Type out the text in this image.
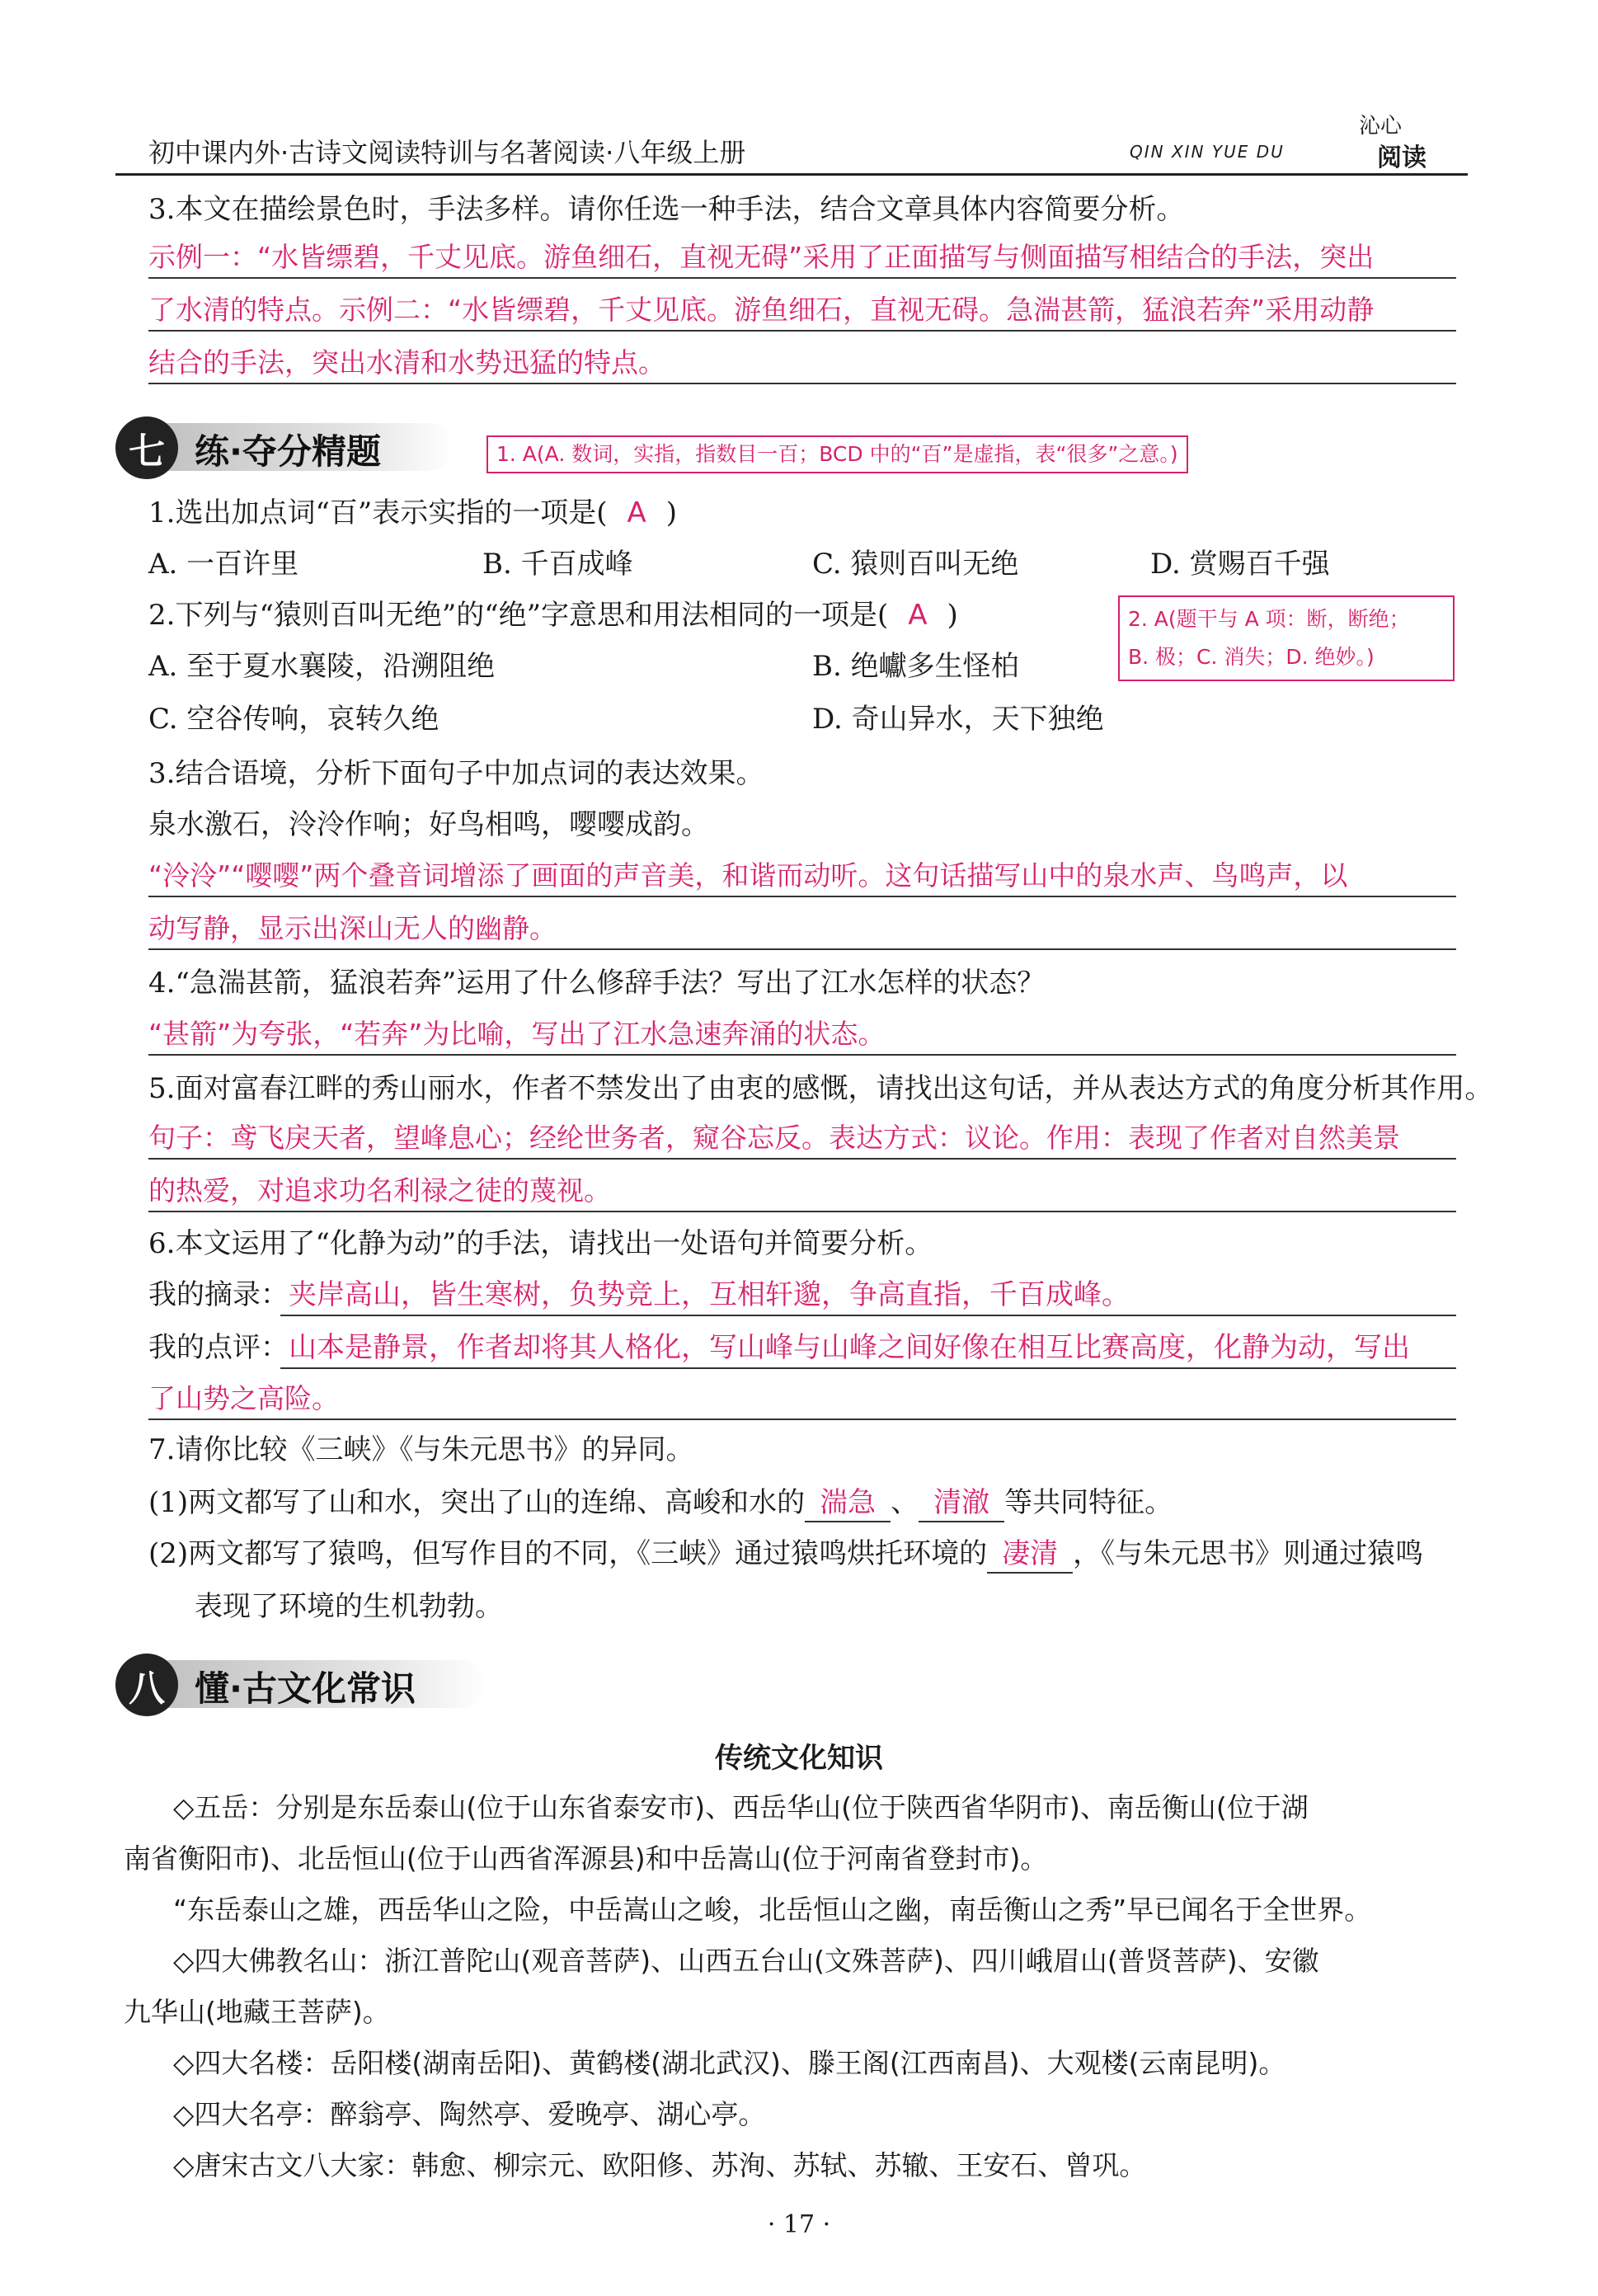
初中课内外·古诗文阅读特训与名著阅读·八年级上册	QIN XIN YUE DU
沁心
阅读
3.本文在描绘景色时，手法多样。请你任选一种手法，结合文章具体内容简要分析。
示例一：“水皆缥碧，千丈见底。游鱼细石，直视无碍”采用了正面描写与侧面描写相结合的手法，突出
了水清的特点。示例二：“水皆缥碧，千丈见底。游鱼细石，直视无碍。急湍甚箭，猛浪若奔”采用动静
结合的手法，突出水清和水势迅猛的特点。
七 练·夺分精题	1. A(A. 数词，实指，指数目一百；BCD 中的“百”是虚指，表“很多”之意。)
1.选出加点词“百”表示实指的一项是( A )
A. 一百许里	B. 千百成峰	C. 猿则百叫无绝	D. 赏赐百千强
2.下列与“猿则百叫无绝”的“绝”字意思和用法相同的一项是( A )	2. A(题干与 A 项：断，断绝；
B. 极；C. 消失；D. 绝妙。)
A. 至于夏水襄陵，沿溯阻绝	B. 绝巘多生怪柏
C. 空谷传响，哀转久绝	D. 奇山异水，天下独绝
3.结合语境，分析下面句子中加点词的表达效果。
泉水激石，泠泠作响；好鸟相鸣，嘤嘤成韵。
“泠泠”“嘤嘤”两个叠音词增添了画面的声音美，和谐而动听。这句话描写山中的泉水声、鸟鸣声，以
动写静，显示出深山无人的幽静。
4.“急湍甚箭，猛浪若奔”运用了什么修辞手法？写出了江水怎样的状态？
“甚箭”为夸张，“若奔”为比喻，写出了江水急速奔涌的状态。
5.面对富春江畔的秀山丽水，作者不禁发出了由衷的感慨，请找出这句话，并从表达方式的角度分析其作用。
句子：鸢飞戾天者，望峰息心；经纶世务者，窥谷忘反。表达方式：议论。作用：表现了作者对自然美景
的热爱，对追求功名利禄之徒的蔑视。
6.本文运用了“化静为动”的手法，请找出一处语句并简要分析。
我的摘录：夹岸高山，皆生寒树，负势竞上，互相轩邈，争高直指，千百成峰。
我的点评：山本是静景，作者却将其人格化，写山峰与山峰之间好像在相互比赛高度，化静为动，写出
了山势之高险。
7.请你比较《三峡》《与朱元思书》的异同。
(1)两文都写了山和水，突出了山的连绵、高峻和水的 湍急 、 清澈 等共同特征。
(2)两文都写了猿鸣，但写作目的不同，《三峡》通过猿鸣烘托环境的 凄清 ，《与朱元思书》则通过猿鸣
表现了环境的生机勃勃。
八 懂·古文化常识
传统文化知识
◇五岳：分别是东岳泰山(位于山东省泰安市)、西岳华山(位于陕西省华阴市)、南岳衡山(位于湖
南省衡阳市)、北岳恒山(位于山西省浑源县)和中岳嵩山(位于河南省登封市)。
“东岳泰山之雄，西岳华山之险，中岳嵩山之峻，北岳恒山之幽，南岳衡山之秀”早已闻名于全世界。
◇四大佛教名山：浙江普陀山(观音菩萨)、山西五台山(文殊菩萨)、四川峨眉山(普贤菩萨)、安徽
九华山(地藏王菩萨)。
◇四大名楼：岳阳楼(湖南岳阳)、黄鹤楼(湖北武汉)、滕王阁(江西南昌)、大观楼(云南昆明)。
◇四大名亭：醉翁亭、陶然亭、爱晚亭、湖心亭。
◇唐宋古文八大家：韩愈、柳宗元、欧阳修、苏洵、苏轼、苏辙、王安石、曾巩。
· 17 ·
